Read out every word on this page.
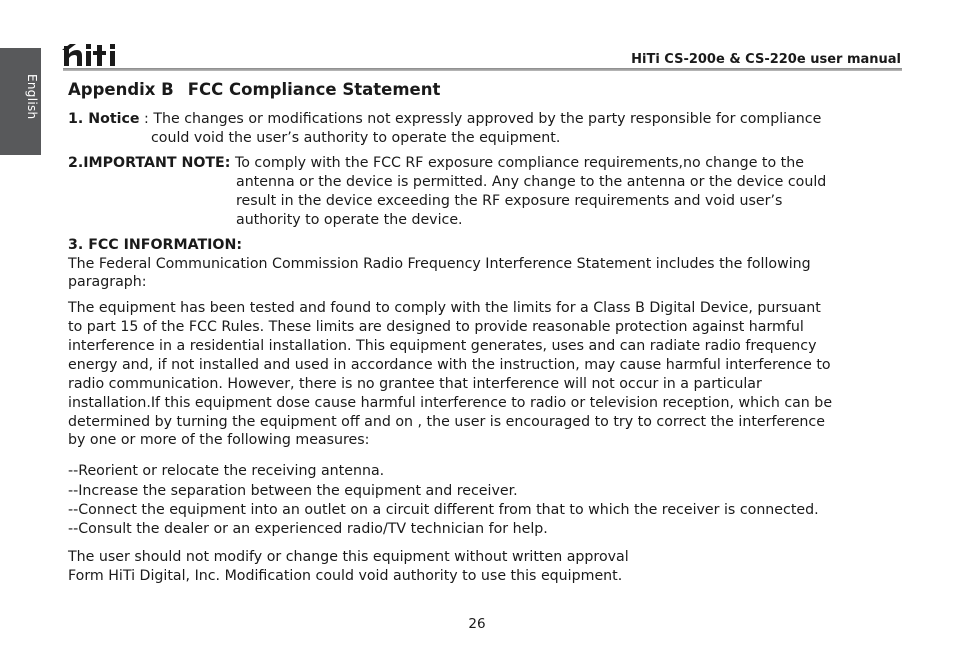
English
HiTi CS-200e & CS-220e user manual
Appendix B FCC Compliance Statement
1. Notice : The changes or modifications not expressly approved by the party responsible for compliance
could void the user’s authority to operate the equipment.
2.IMPORTANT NOTE: To comply with the FCC RF exposure compliance requirements,no change to the
antenna or the device is permitted. Any change to the antenna or the device could
result in the device exceeding the RF exposure requirements and void user’s
authority to operate the device.
3. FCC INFORMATION:
The Federal Communication Commission Radio Frequency Interference Statement includes the following
paragraph:
The equipment has been tested and found to comply with the limits for a Class B Digital Device, pursuant
to part 15 of the FCC Rules. These limits are designed to provide reasonable protection against harmful
interference in a residential installation. This equipment generates, uses and can radiate radio frequency
energy and, if not installed and used in accordance with the instruction, may cause harmful interference to
radio communication. However, there is no grantee that interference will not occur in a particular
installation.If this equipment dose cause harmful interference to radio or television reception, which can be
determined by turning the equipment off and on , the user is encouraged to try to correct the interference
by one or more of the following measures:
--Reorient or relocate the receiving antenna.
--Increase the separation between the equipment and receiver.
--Connect the equipment into an outlet on a circuit different from that to which the receiver is connected.
--Consult the dealer or an experienced radio/TV technician for help.
The user should not modify or change this equipment without written approval
Form HiTi Digital, Inc. Modification could void authority to use this equipment.
26
